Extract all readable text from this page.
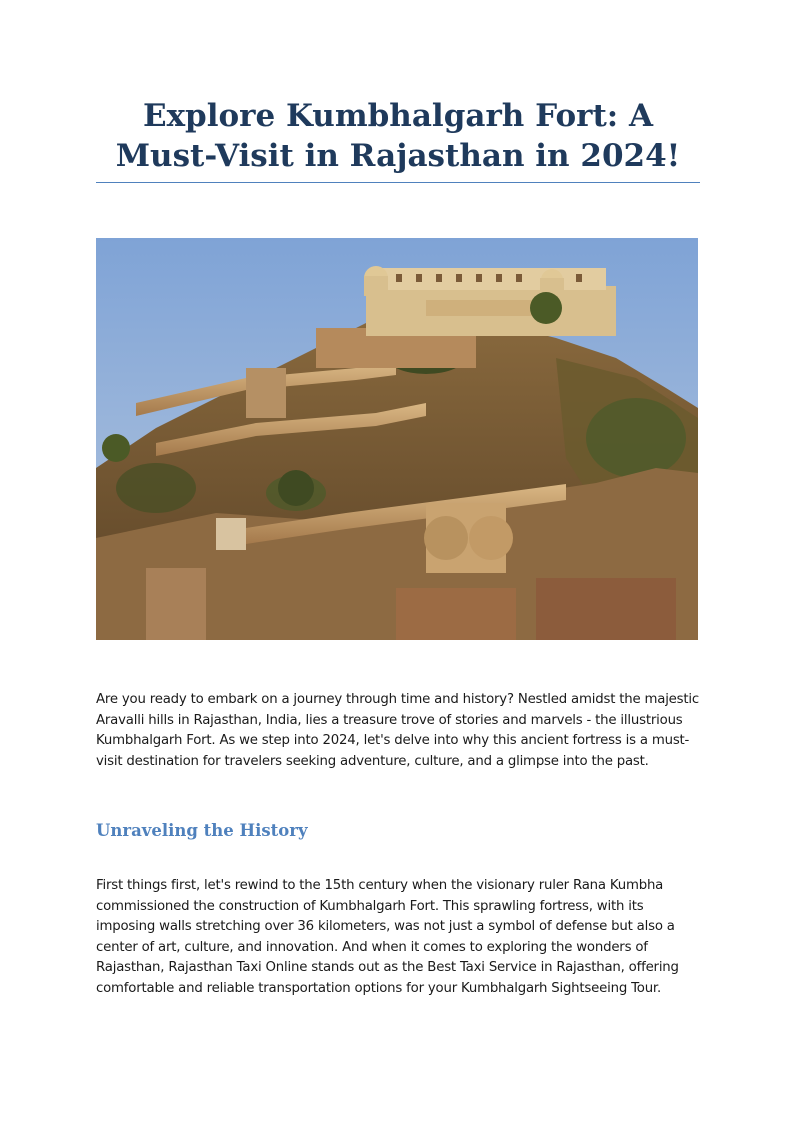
Explore Kumbhalgarh Fort: A Must-Visit in Rajasthan in 2024!

Are you ready to embark on a journey through time and history? Nestled amidst the majestic Aravalli hills in Rajasthan, India, lies a treasure trove of stories and marvels - the illustrious Kumbhalgarh Fort. As we step into 2024, let's delve into why this ancient fortress is a must-visit destination for travelers seeking adventure, culture, and a glimpse into the past.

Unraveling the History

First things first, let's rewind to the 15th century when the visionary ruler Rana Kumbha commissioned the construction of Kumbhalgarh Fort. This sprawling fortress, with its imposing walls stretching over 36 kilometers, was not just a symbol of defense but also a center of art, culture, and innovation. And when it comes to exploring the wonders of Rajasthan, Rajasthan Taxi Online stands out as the Best Taxi Service in Rajasthan, offering comfortable and reliable transportation options for your Kumbhalgarh Sightseeing Tour.
